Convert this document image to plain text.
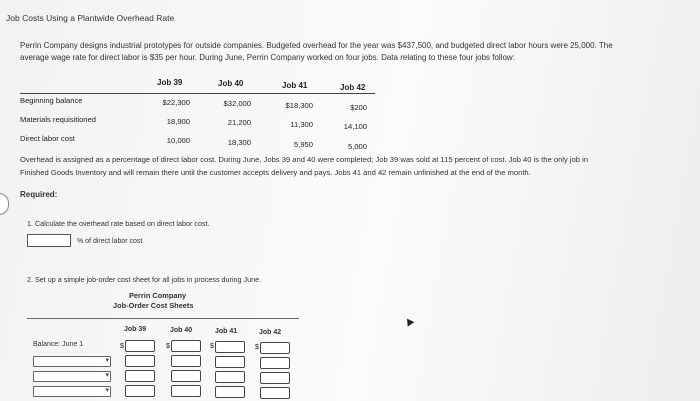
Job Costs Using a Plantwide Overhead Rate
Perrin Company designs industrial prototypes for outside companies. Budgeted overhead for the year was $437,500, and budgeted direct labor hours were 25,000. The
average wage rate for direct labor is $35 per hour. During June, Perrin Company worked on four jobs. Data relating to these four jobs follow:
Job 39	Job 40	Job 41	Job 42
Beginning balance	$22,300	$32,000	$18,300	$200
Materials requisitioned	18,900	21,200	11,300	14,100
Direct labor cost	10,000	18,300	5,950	5,000
Overhead is assigned as a percentage of direct labor cost. During June, Jobs 39 and 40 were completed; Job 39 was sold at 115 percent of cost. Job 40 is the only job in
Finished Goods Inventory and will remain there until the customer accepts delivery and pays. Jobs 41 and 42 remain unfinished at the end of the month.
Required:
1. Calculate the overhead rate based on direct labor cost.
% of direct labor cost
2. Set up a simple job-order cost sheet for all jobs in process during June.
Perrin Company
Job-Order Cost Sheets
Job 39	Job 40	Job 41	Job 42
Balance: June 1	$	$	$	$
▾
▾
▾
